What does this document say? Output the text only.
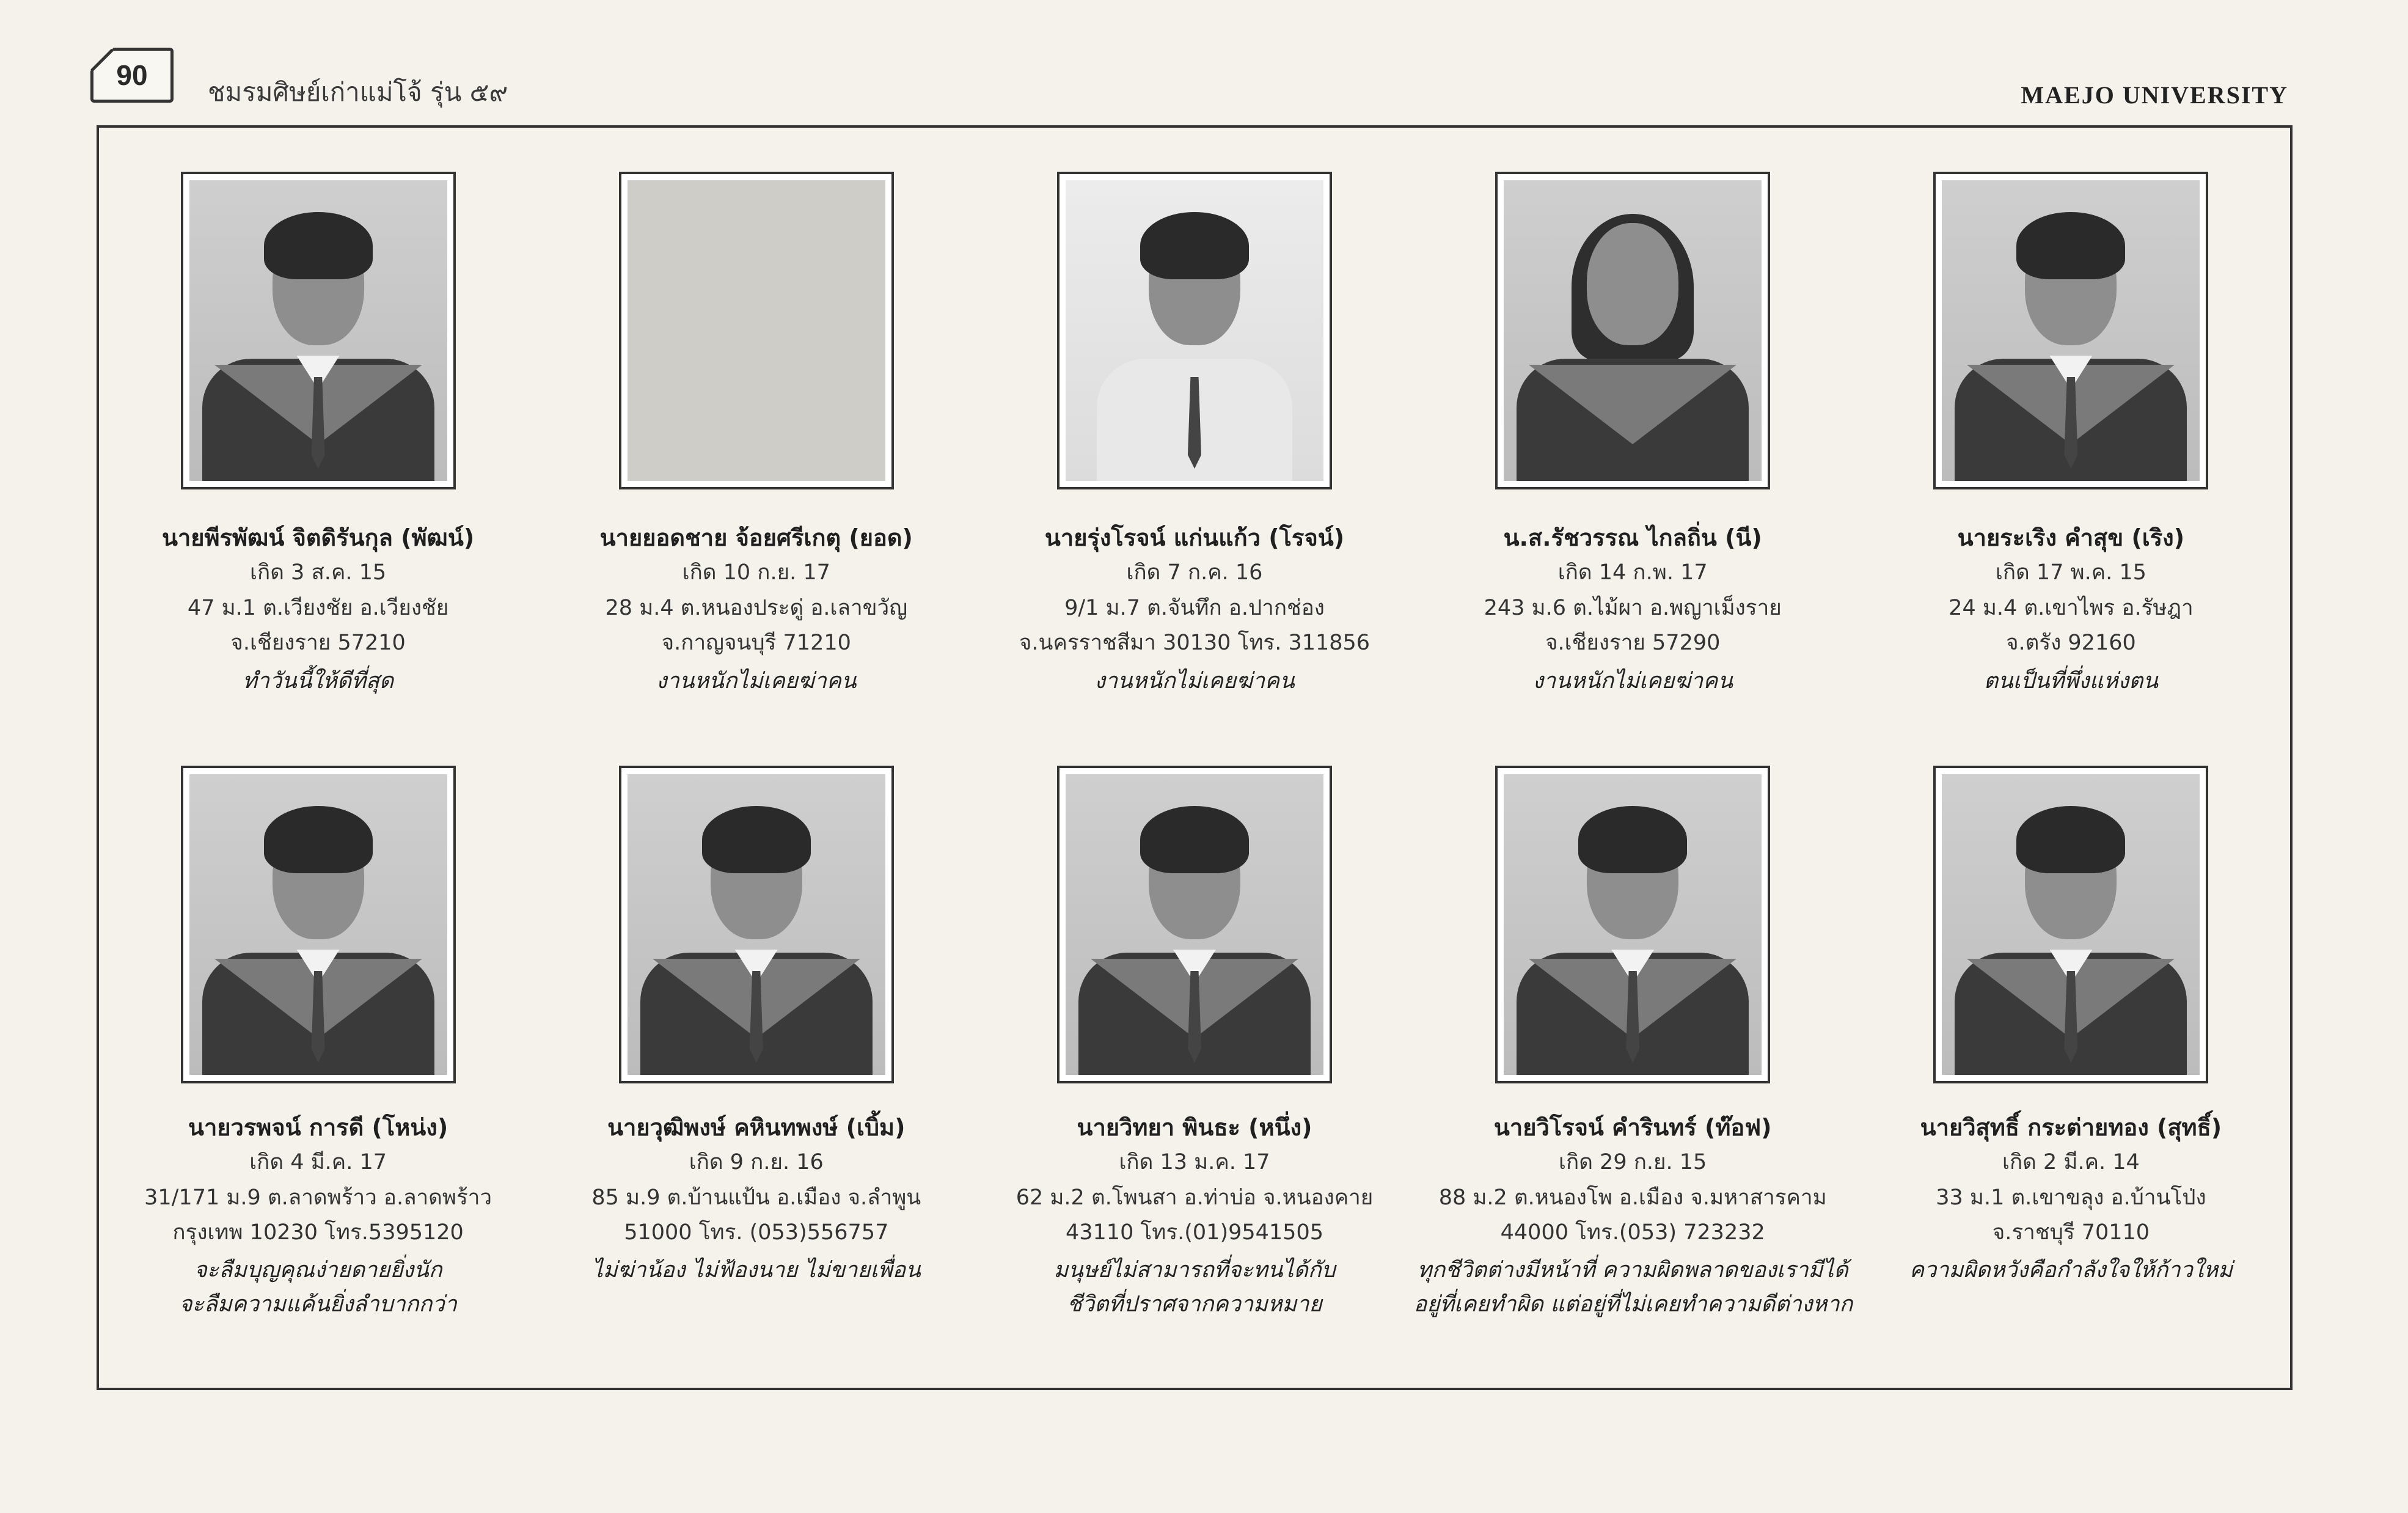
90
ชมรมศิษย์เก่าแม่โจ้ รุ่น ๕๙	MAEJO UNIVERSITY
นายพีรพัฒน์ จิตดิรันกุล (พัฒน์)
เกิด 3 ส.ค. 15
47 ม.1 ต.เวียงชัย อ.เวียงชัย
จ.เชียงราย 57210
ทำวันนี้ให้ดีที่สุด
นายยอดชาย จ้อยศรีเกตุ (ยอด)
เกิด 10 ก.ย. 17
28 ม.4 ต.หนองประดู่ อ.เลาขวัญ
จ.กาญจนบุรี 71210
งานหนักไม่เคยฆ่าคน
นายรุ่งโรจน์ แก่นแก้ว (โรจน์)
เกิด 7 ก.ค. 16
9/1 ม.7 ต.จันทึก อ.ปากช่อง
จ.นครราชสีมา 30130 โทร. 311856
งานหนักไม่เคยฆ่าคน
น.ส.รัชวรรณ ไกลถิ่น (นี)
เกิด 14 ก.พ. 17
243 ม.6 ต.ไม้ผา อ.พญาเม็งราย
จ.เชียงราย 57290
งานหนักไม่เคยฆ่าคน
นายระเริง คำสุข (เริง)
เกิด 17 พ.ค. 15
24 ม.4 ต.เขาไพร อ.รัษฎา
จ.ตรัง 92160
ตนเป็นที่พึ่งแห่งตน
นายวรพจน์ การดี (โหน่ง)
เกิด 4 มี.ค. 17
31/171 ม.9 ต.ลาดพร้าว อ.ลาดพร้าว
กรุงเทพ 10230 โทร.5395120
จะลืมบุญคุณง่ายดายยิ่งนัก
จะลืมความแค้นยิ่งลำบากกว่า
นายวุฒิพงษ์ คหินทพงษ์ (เบิ้ม)
เกิด 9 ก.ย. 16
85 ม.9 ต.บ้านแป้น อ.เมือง จ.ลำพูน
51000 โทร. (053)556757
ไม่ฆ่าน้อง ไม่ฟ้องนาย ไม่ขายเพื่อน
นายวิทยา พินธะ (หนึ่ง)
เกิด 13 ม.ค. 17
62 ม.2 ต.โพนสา อ.ท่าบ่อ จ.หนองคาย
43110 โทร.(01)9541505
มนุษย์ไม่สามารถที่จะทนได้กับ
ชีวิตที่ปราศจากความหมาย
นายวิโรจน์ คำรินทร์ (ท๊อฟ)
เกิด 29 ก.ย. 15
88 ม.2 ต.หนองโพ อ.เมือง จ.มหาสารคาม
44000 โทร.(053) 723232
ทุกชีวิตต่างมีหน้าที่ ความผิดพลาดของเรามีได้
อยู่ที่เคยทำผิด แต่อยู่ที่ไม่เคยทำความดีต่างหาก
นายวิสุทธิ์ กระต่ายทอง (สุทธิ์)
เกิด 2 มี.ค. 14
33 ม.1 ต.เขาขลุง อ.บ้านโป่ง
จ.ราชบุรี 70110
ความผิดหวังคือกำลังใจให้ก้าวใหม่
